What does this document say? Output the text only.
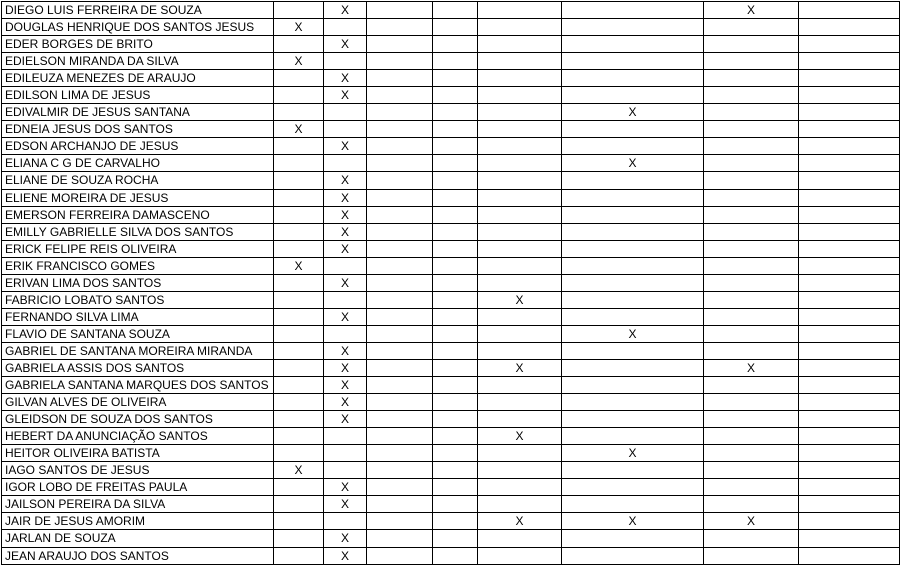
DIEGO LUIS FERREIRA DE SOUZA		X					X	
DOUGLAS HENRIQUE DOS SANTOS JESUS	X							
EDER BORGES DE BRITO		X						
EDIELSON MIRANDA DA SILVA	X							
EDILEUZA MENEZES DE ARAUJO		X						
EDILSON LIMA DE JESUS		X						
EDIVALMIR DE JESUS SANTANA						X		
EDNEIA JESUS DOS SANTOS	X							
EDSON ARCHANJO DE JESUS		X						
ELIANA C G DE CARVALHO						X		
ELIANE DE SOUZA ROCHA		X						
ELIENE MOREIRA DE JESUS		X						
EMERSON FERREIRA DAMASCENO		X						
EMILLY GABRIELLE SILVA DOS SANTOS		X						
ERICK FELIPE REIS OLIVEIRA		X						
ERIK FRANCISCO GOMES	X							
ERIVAN LIMA DOS SANTOS		X						
FABRICIO LOBATO SANTOS					X			
FERNANDO SILVA LIMA		X						
FLAVIO DE SANTANA SOUZA						X		
GABRIEL DE SANTANA MOREIRA MIRANDA		X						
GABRIELA ASSIS DOS SANTOS		X			X		X	
GABRIELA SANTANA MARQUES DOS SANTOS		X						
GILVAN ALVES DE OLIVEIRA		X						
GLEIDSON DE SOUZA DOS SANTOS		X						
HEBERT DA ANUNCIAÇÃO SANTOS					X			
HEITOR OLIVEIRA BATISTA						X		
IAGO SANTOS DE JESUS	X							
IGOR LOBO DE FREITAS PAULA		X						
JAILSON PEREIRA DA SILVA		X						
JAIR DE JESUS AMORIM					X	X	X	
JARLAN DE SOUZA		X						
JEAN ARAUJO DOS SANTOS		X						
